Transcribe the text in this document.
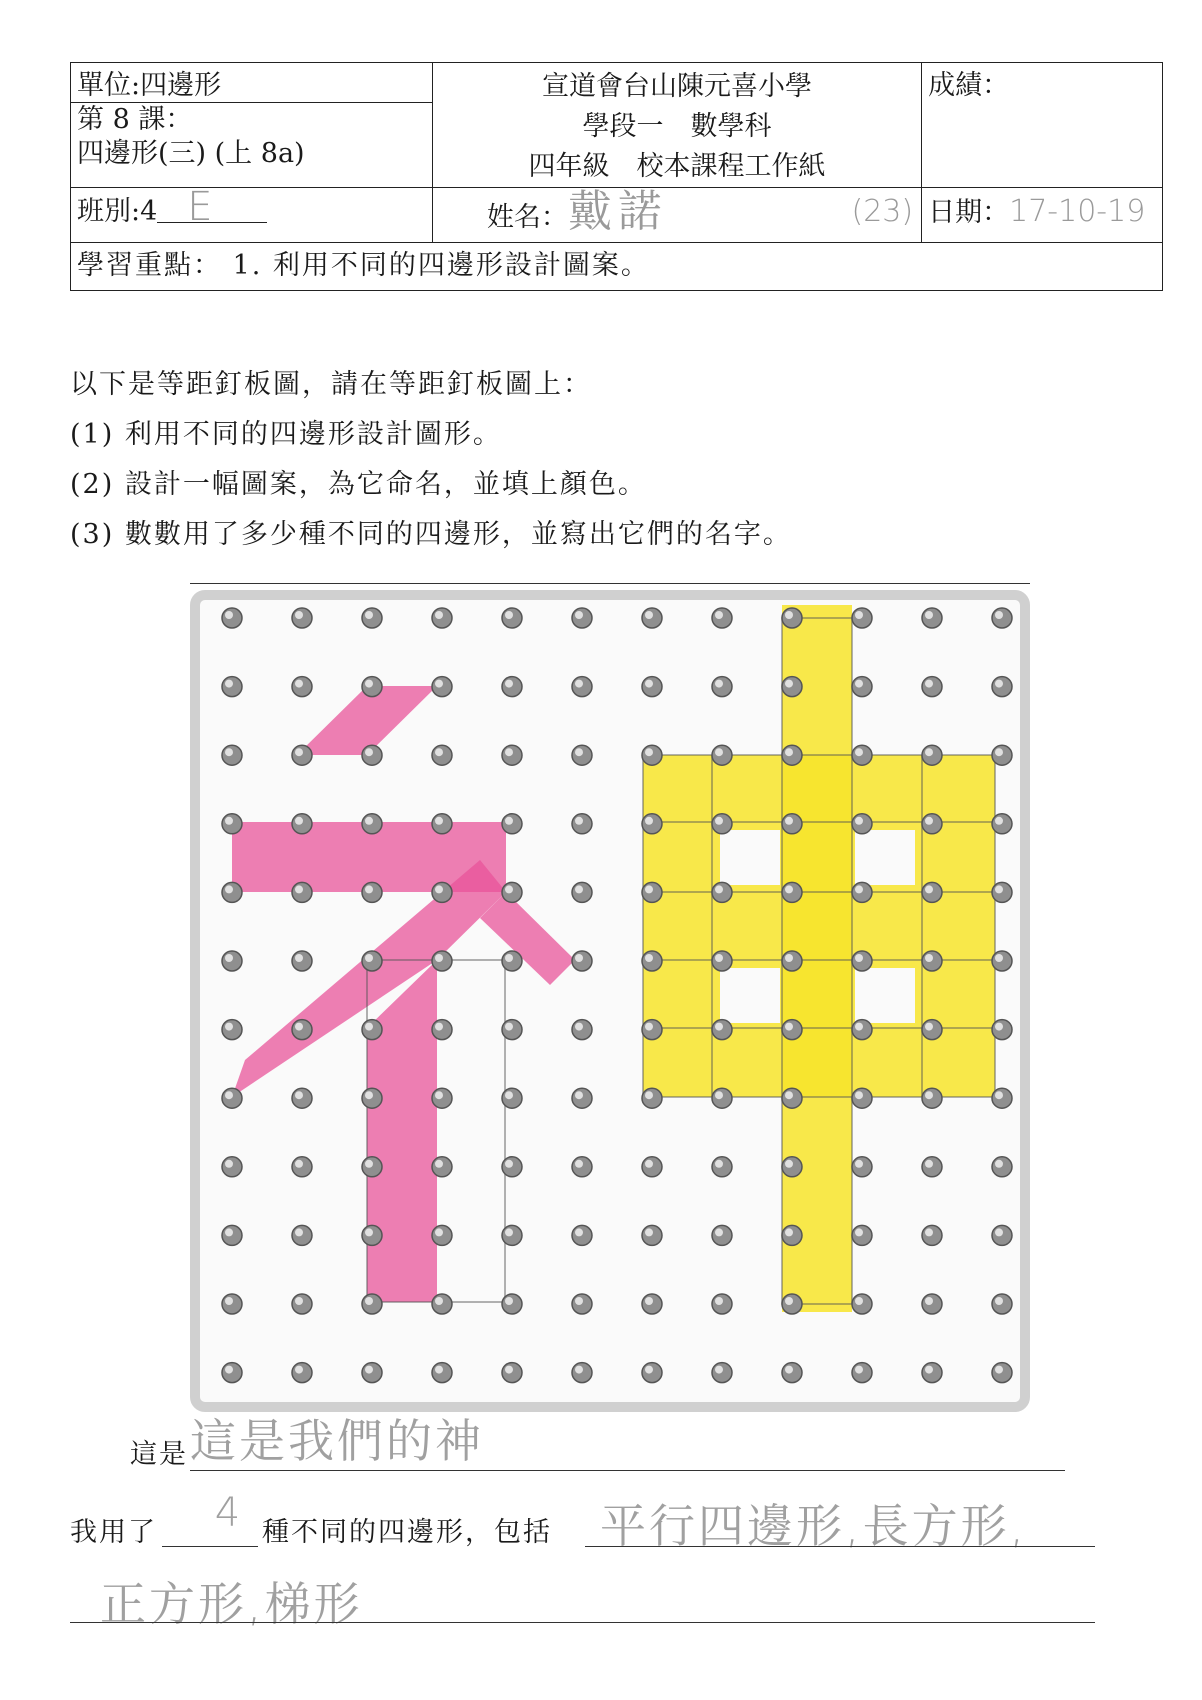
單位:四邊形	宣道會台山陳元喜小學
學段一　數學科
四年級　校本課程工作紙	成績：

第 8 課：
四邊形(三) (上 8a)		

班別:4 E	姓名：戴諾 (23)	日期：17-10-19
學習重點： 1. 利用不同的四邊形設計圖案。		
以下是等距釘板圖，請在等距釘板圖上：
(1) 利用不同的四邊形設計圖形。
(2) 設計一幅圖案，為它命名，並填上顏色。
(3) 數數用了多少種不同的四邊形，並寫出它們的名字。
這是 這是我們的神
我用了	4 種不同的四邊形，包括 平行四邊形,長方形,
正方形,梯形
